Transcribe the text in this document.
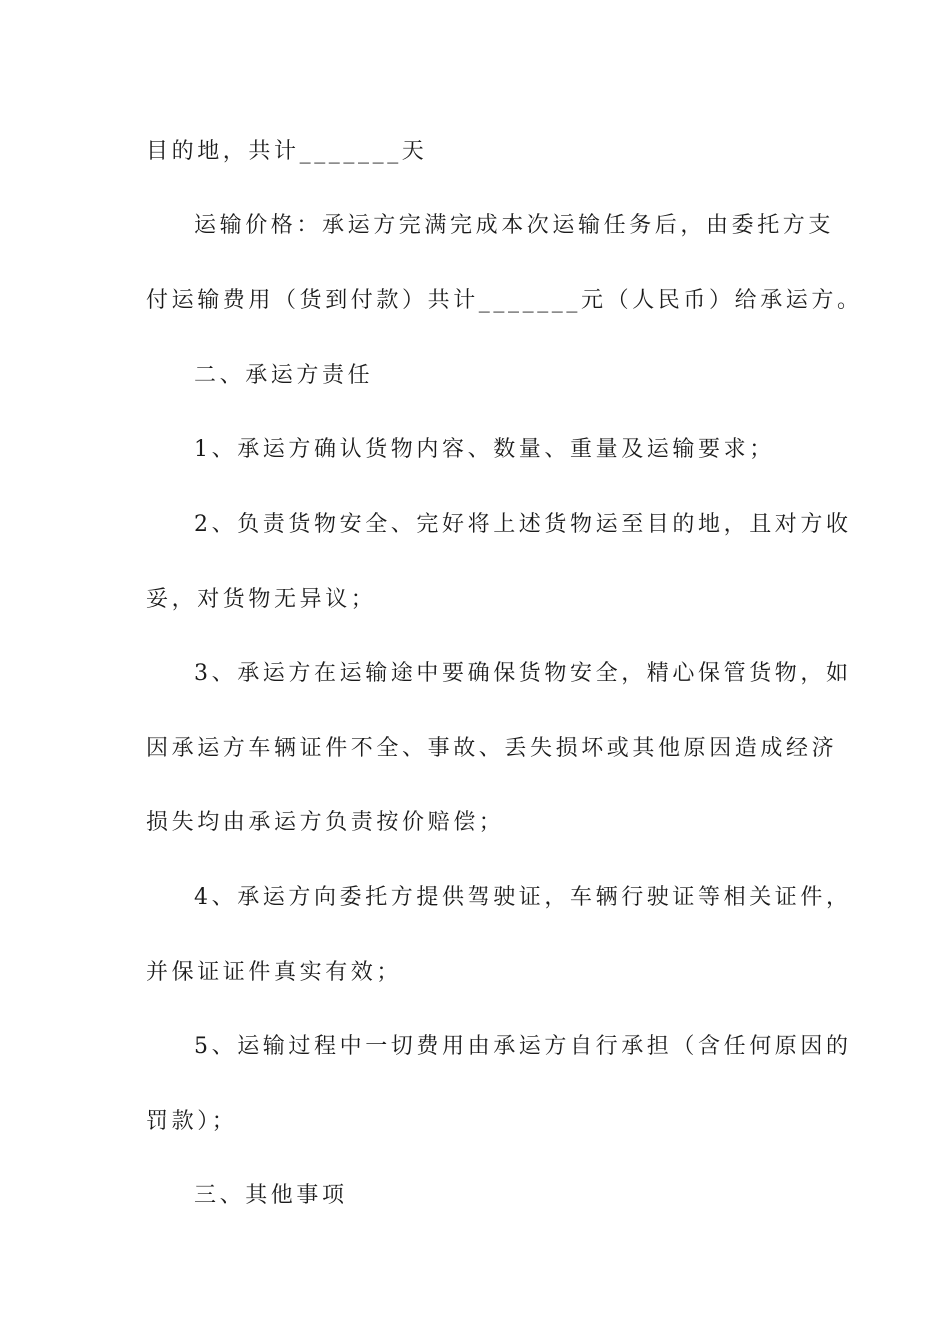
目的地，共计_______天
运输价格：承运方完满完成本次运输任务后，由委托方支
付运输费用（货到付款）共计_______元（人民币）给承运方。
二、承运方责任
1、承运方确认货物内容、数量、重量及运输要求；
2、负责货物安全、完好将上述货物运至目的地，且对方收
妥，对货物无异议；
3、承运方在运输途中要确保货物安全，精心保管货物，如
因承运方车辆证件不全、事故、丢失损坏或其他原因造成经济
损失均由承运方负责按价赔偿；
4、承运方向委托方提供驾驶证，车辆行驶证等相关证件，
并保证证件真实有效；
5、运输过程中一切费用由承运方自行承担（含任何原因的
罚款）；
三、其他事项
